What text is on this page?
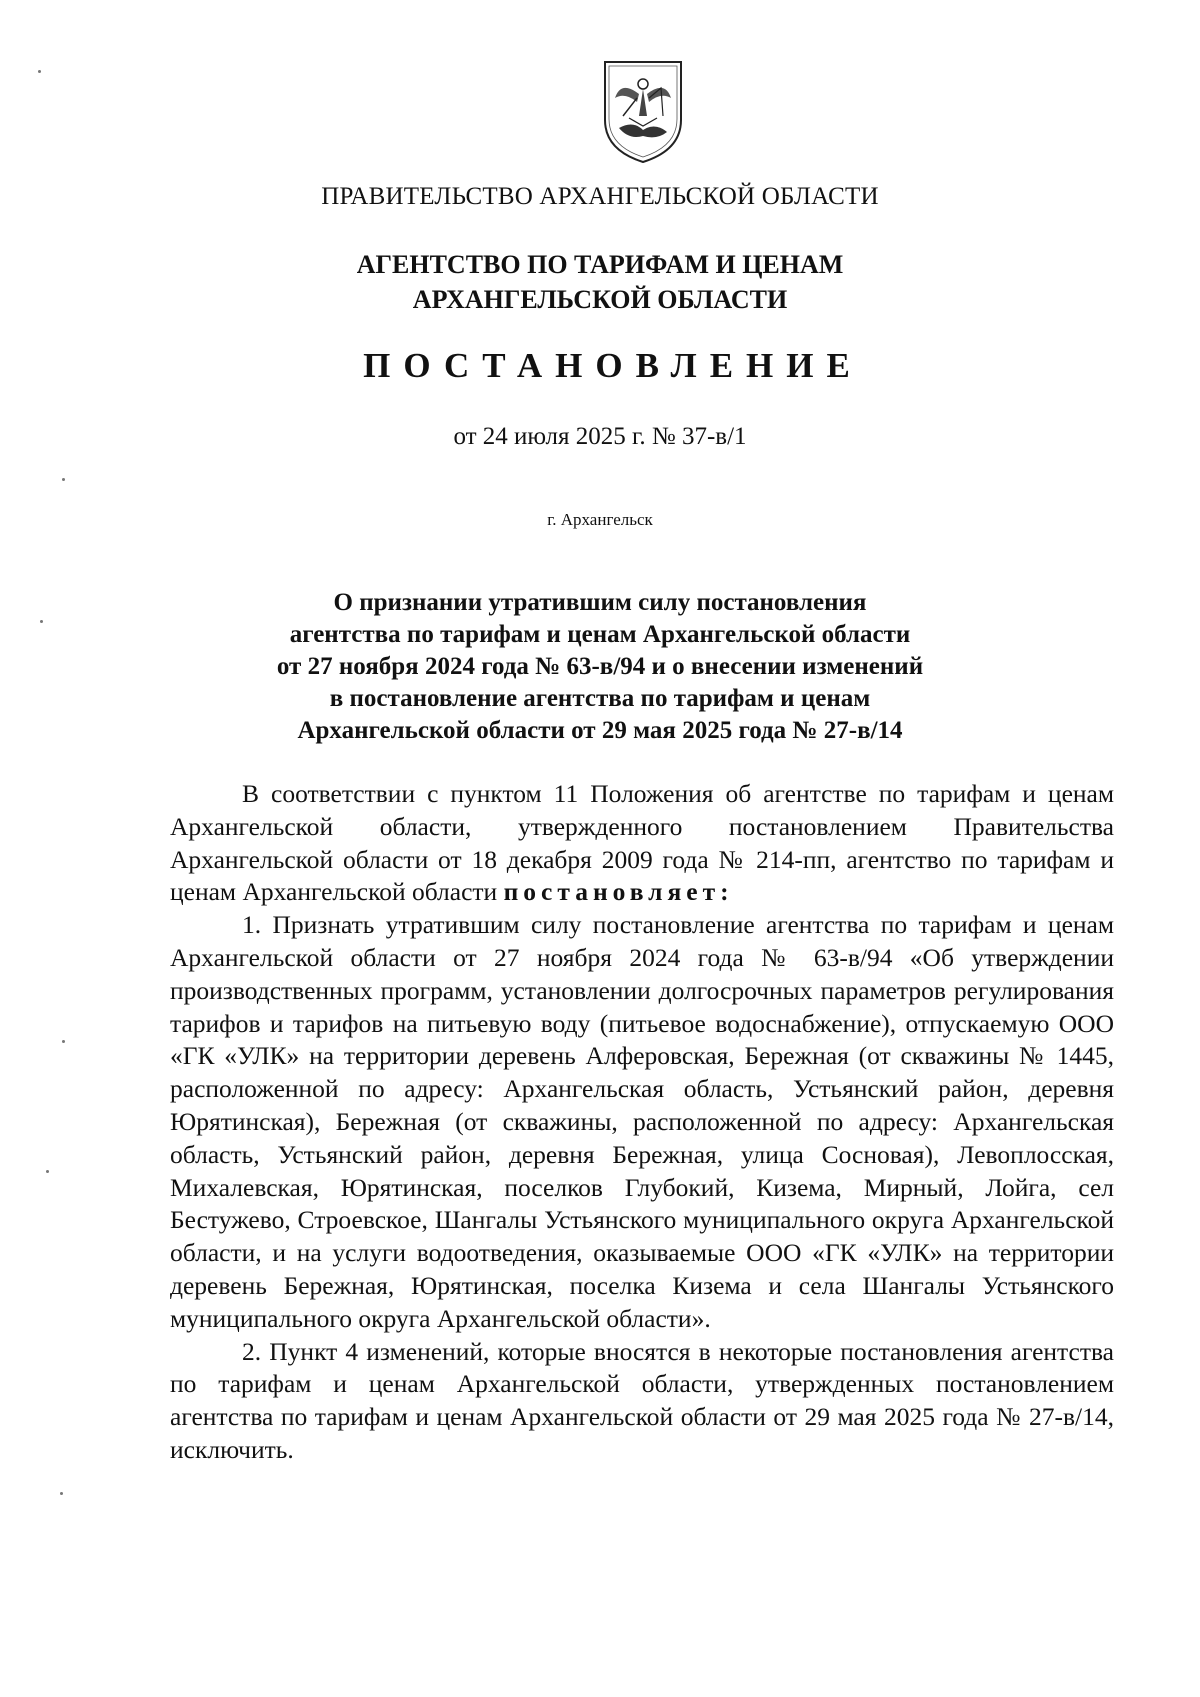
ПРАВИТЕЛЬСТВО АРХАНГЕЛЬСКОЙ ОБЛАСТИ
АГЕНТСТВО ПО ТАРИФАМ И ЦЕНАМ
АРХАНГЕЛЬСКОЙ ОБЛАСТИ
ПОСТАНОВЛЕНИЕ
от 24 июля 2025 г. № 37-в/1
г. Архангельск
О признании утратившим силу постановления
агентства по тарифам и ценам Архангельской области
от 27 ноября 2024 года № 63-в/94 и о внесении изменений
в постановление агентства по тарифам и ценам
Архангельской области от 29 мая 2025 года № 27-в/14

В соответствии с пунктом 11 Положения об агентстве по тарифам и ценам Архангельской области, утвержденного постановлением Правительства Архангельской области от 18 декабря 2009 года № 214-пп, агентство по тарифам и ценам Архангельской области постановляет:

1. Признать утратившим силу постановление агентства по тарифам и ценам Архангельской области от 27 ноября 2024 года № 63-в/94 «Об утверждении производственных программ, установлении долгосрочных параметров регулирования тарифов и тарифов на питьевую воду (питьевое водоснабжение), отпускаемую ООО «ГК «УЛК» на территории деревень Алферовская, Бережная (от скважины № 1445, расположенной по адресу: Архангельская область, Устьянский район, деревня Юрятинская), Бережная (от скважины, расположенной по адресу: Архангельская область, Устьянский район, деревня Бережная, улица Сосновая), Левоплосская, Михалевская, Юрятинская, поселков Глубокий, Кизема, Мирный, Лойга, сел Бестужево, Строевское, Шангалы Устьянского муниципального округа Архангельской области, и на услуги водоотведения, оказываемые ООО «ГК «УЛК» на территории деревень Бережная, Юрятинская, поселка Кизема и села Шангалы Устьянского муниципального округа Архангельской области».

2. Пункт 4 изменений, которые вносятся в некоторые постановления агентства по тарифам и ценам Архангельской области, утвержденных постановлением агентства по тарифам и ценам Архангельской области от 29 мая 2025 года № 27-в/14, исключить.
